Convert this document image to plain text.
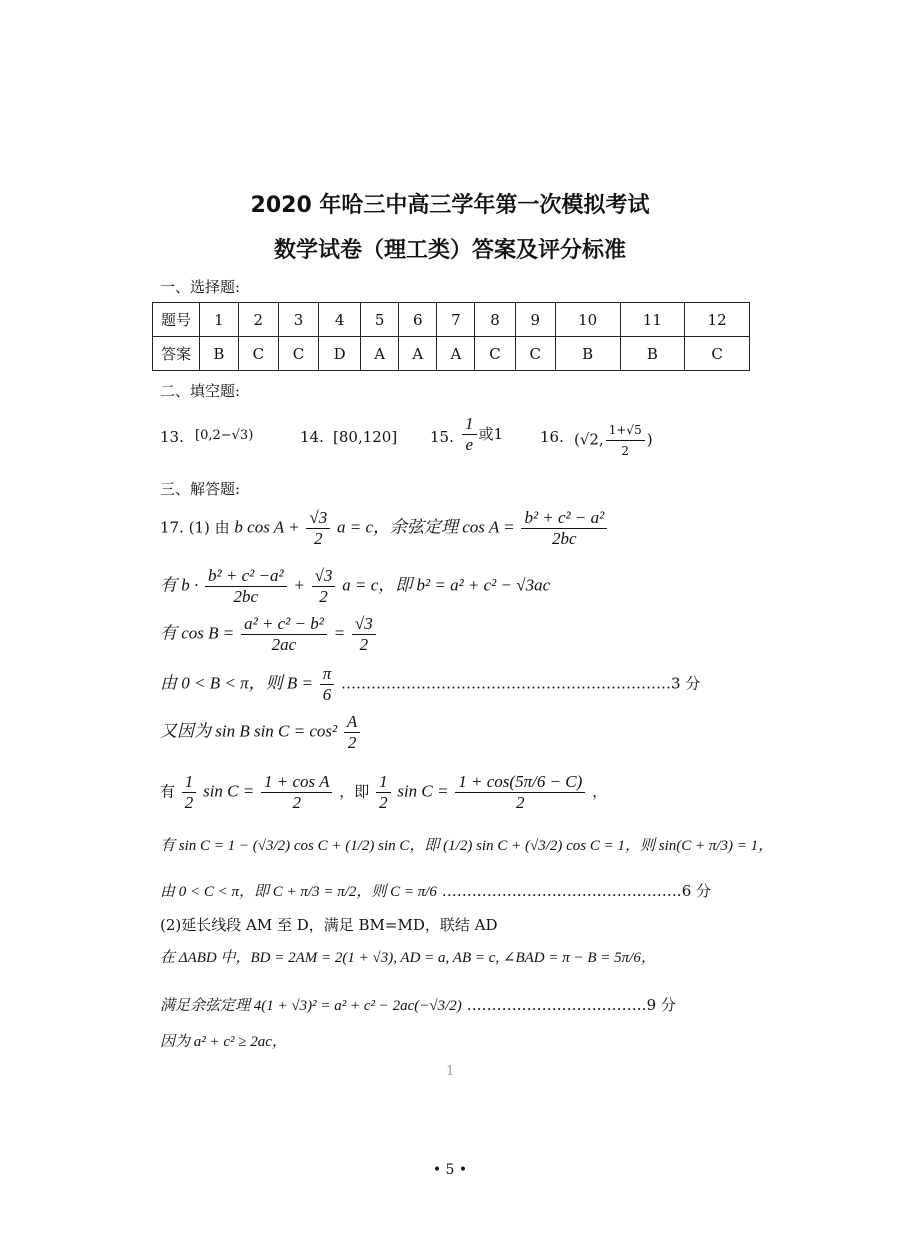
2020 年哈三中高三学年第一次模拟考试
数学试卷（理工类）答案及评分标准
一、选择题:
题号	1	2	3	4	5	6	7	8	9	10	11	12
答案	B	C	C	D	A	A	A	C	C	B	B	C
二、填空题:
13. [0,2−√3)	14. [80,120] 15. $\frac{1}{e}$ 或1 16. (√2, $\frac{1+√5}{2}$ )
三、解答题:
17. (1) 由 b $\cos A + \frac{√3}{2}$ a = c，余弦定理 $\cos A = \frac{\text{b² + c² − a²}}{2bc}$
有 $b \cdot \frac{\text{b² + c² −a²}}{2bc} + \frac{√3}{2}$ a = c，即 b² = a² + c² − √3ac
有 $\cos B = \frac{\text{a² + c² − b²}}{2ac} = \frac{√3}{2}$
由 0 < B < π，则 $B = \frac{\pi}{6}$ …………………………………………………………3 分
又因为 sin B $\sin C = \cos^2 \frac{A}{2}$
有 $\frac{1}{2}$ $\sin C = \frac{\text{1 + cos A}}{2}$ ，即 $\frac{1}{2}$ $\sin C = \frac{1 + \cos(5\pi/6 - C)}{2}$ ，
有 sin C = 1 − (√3/2) cos C + (1/2) sin C，即 (1/2) sin C + (√3/2) cos C = 1，则 sin(C + π/3) = 1，
由 0 < C < π，即 C + π/3 = π/2，则 C = π/6 …………………………………………6 分
(2)延长线段 AM 至 D，满足 BM=MD，联结 AD
在 ΔABD 中，BD = 2AM = 2(1 + √3), AD = a, AB = c, ∠BAD = π − B = 5π/6，
满足余弦定理 4(1 + √3)² = a² + c² − 2ac(−√3/2) ………………………………9 分
因为 a² + c² ≥ 2ac，
1
• 5 •
